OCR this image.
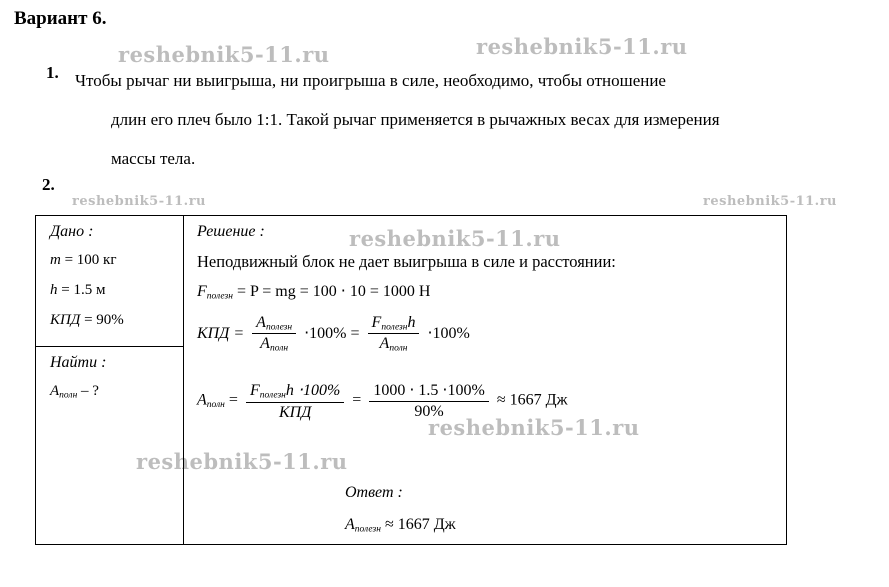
reshebnik5-11.ru	reshebnik5-11.ru
reshebnik5-11.ru	reshebnik5-11.ru
reshebnik5-11.ru
reshebnik5-11.ru
reshebnik5-11.ru
Вариант 6.
1. Чтобы рычаг ни выигрыша, ни проигрыша в силе, необходимо, чтобы отношение
длин его плеч было 1:1. Такой рычаг применяется в рычажных весах для измерения
массы тела.
2.
Дано :
m = 100 кг
h = 1.5 м
КПД = 90%
Найти :
$A_{полн}$ – ?
Решение :
Неподвижный блок не дает выигрыша в силе и расстоянии:
$F_{полезн} = P$ = mg = 100 ⋅ 10 = 1000 Н
КПД = $\frac{A_{полезн}}{A_{полн}} \cdot 100\% = \frac{F_{полезн}h}{A_{полн}} \cdot 100\%$
$A_{полн} = \frac{F_{полезн}h \cdot 100\%}{\text{КПД}} = \frac{1000 \cdot 1.5 \cdot 100\%}{90\%} \approx 1667$ Дж
Ответ :
$A_{полезн} \approx 1667$ Дж
